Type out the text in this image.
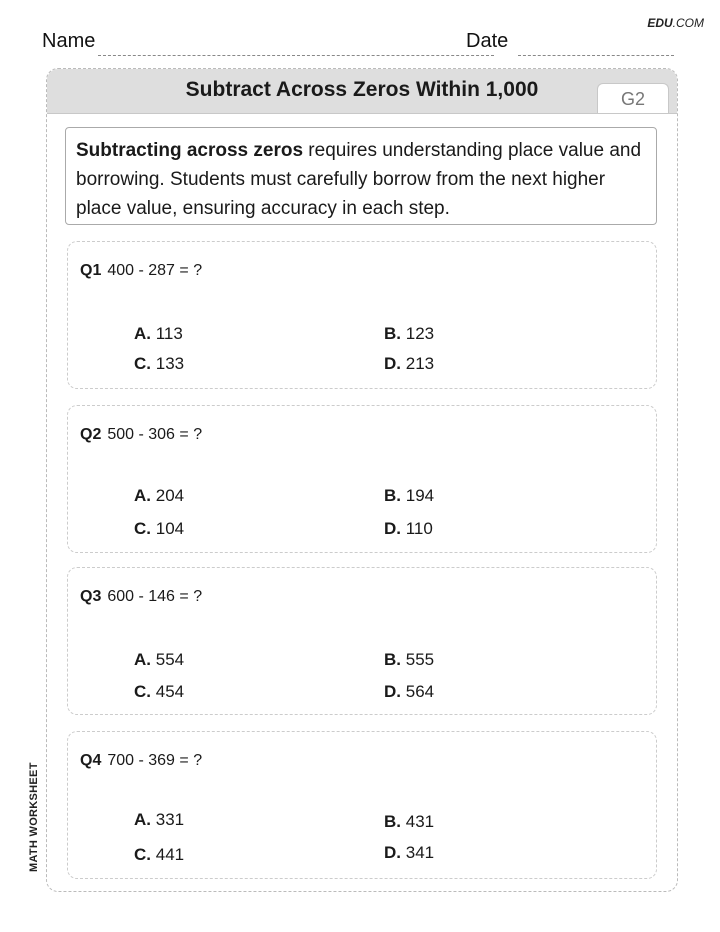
EDU.COM
Name	Date
MATH WORKSHEET
Subtract Across Zeros Within 1,000	G2
Subtracting across zeros requires understanding place value and borrowing. Students must carefully borrow from the next higher place value, ensuring accuracy in each step.
Q1 400 - 287 = ?
A. 113	B. 123
C. 133	D. 213
Q2 500 - 306 = ?
A. 204	B. 194
C. 104	D. 110
Q3 600 - 146 = ?
A. 554	B. 555
C. 454	D. 564
Q4 700 - 369 = ?
A. 331	B. 431
C. 441	D. 341
